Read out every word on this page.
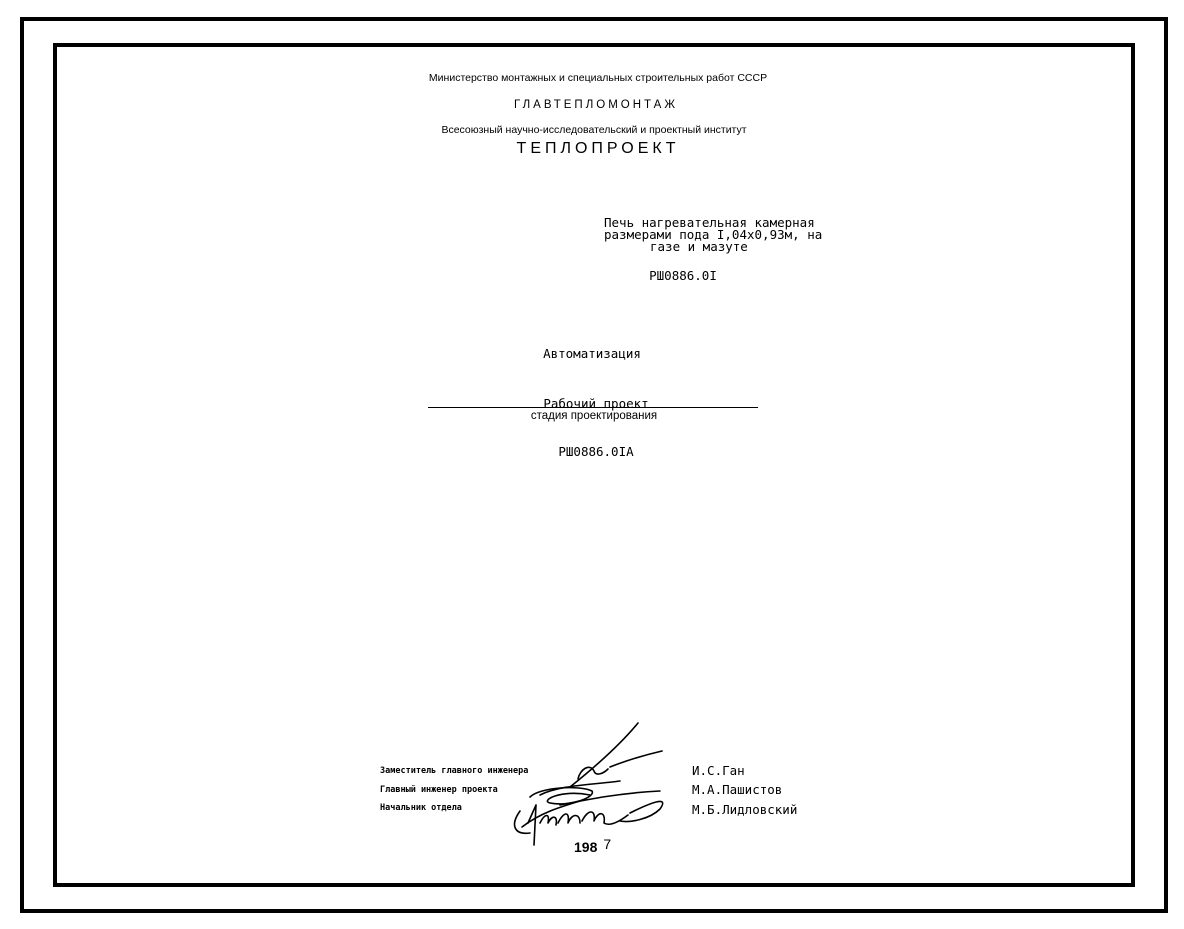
Министерство монтажных и специальных строительных работ СССР
ГЛАВТЕПЛОМОНТАЖ
Всесоюзный научно-исследовательский и проектный институт
ТЕПЛОПРОЕКТ
Печь нагревательная камерная
размерами пода I,04x0,93м, на
газе и мазуте
РШ0886.0I
Автоматизация
Рабочий проект
стадия проектирования
РШ0886.0IА
Заместитель главного инженера
Главный инженер проекта
Начальник отдела
И.С.Ган
М.А.Пашистов
М.Б.Лидловский
198 7
